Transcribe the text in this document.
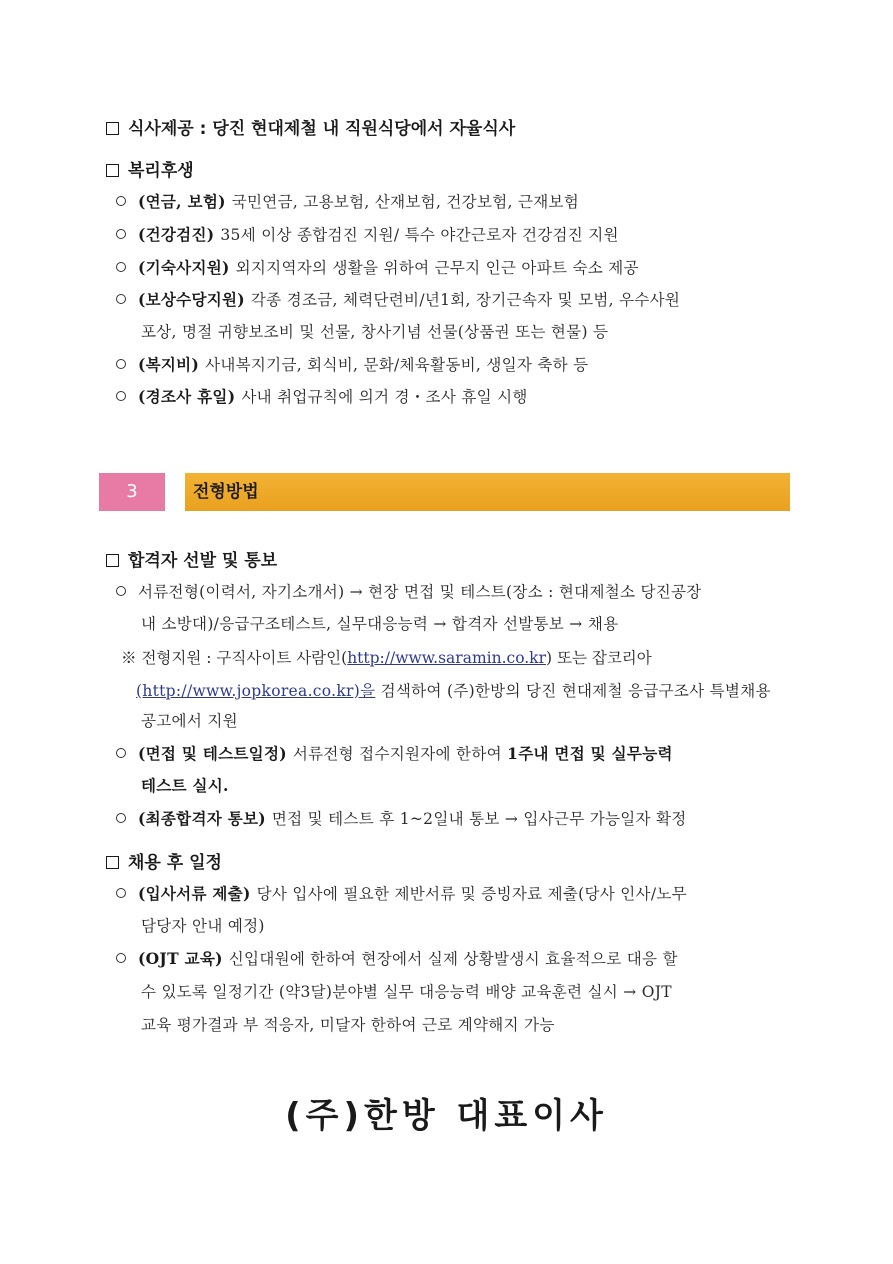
식사제공 : 당진 현대제철 내 직원식당에서 자율식사
복리후생
(연금, 보험) 국민연금, 고용보험, 산재보험, 건강보험, 근재보험
(건강검진) 35세 이상 종합검진 지원/ 특수 야간근로자 건강검진 지원
(기숙사지원) 외지지역자의 생활을 위하여 근무지 인근 아파트 숙소 제공
(보상수당지원) 각종 경조금, 체력단련비/년1회, 장기근속자 및 모범, 우수사원
포상, 명절 귀향보조비 및 선물, 창사기념 선물(상품권 또는 현물) 등
(복지비) 사내복지기금, 회식비, 문화/체육활동비, 생일자 축하 등
(경조사 휴일) 사내 취업규칙에 의거 경・조사 휴일 시행
3	전형방법
합격자 선발 및 통보
서류전형(이력서, 자기소개서) → 현장 면접 및 테스트(장소 : 현대제철소 당진공장
내 소방대)/응급구조테스트, 실무대응능력 → 합격자 선발통보 → 채용
※ 전형지원 : 구직사이트 사람인(http://www.saramin.co.kr) 또는 잡코리아
(http://www.jopkorea.co.kr)을 검색하여 (주)한방의 당진 현대제철 응급구조사 특별채용
공고에서 지원
(면접 및 테스트일정) 서류전형 접수지원자에 한하여 1주내 면접 및 실무능력
테스트 실시.
(최종합격자 통보) 면접 및 테스트 후 1~2일내 통보 → 입사근무 가능일자 확정
채용 후 일정
(입사서류 제출) 당사 입사에 필요한 제반서류 및 증빙자료 제출(당사 인사/노무
담당자 안내 예정)
(OJT 교육) 신입대원에 한하여 현장에서 실제 상황발생시 효율적으로 대응 할
수 있도록 일정기간 (약3달)분야별 실무 대응능력 배양 교육훈련 실시 → OJT
교육 평가결과 부 적응자, 미달자 한하여 근로 계약해지 가능
(주)한방 대표이사
